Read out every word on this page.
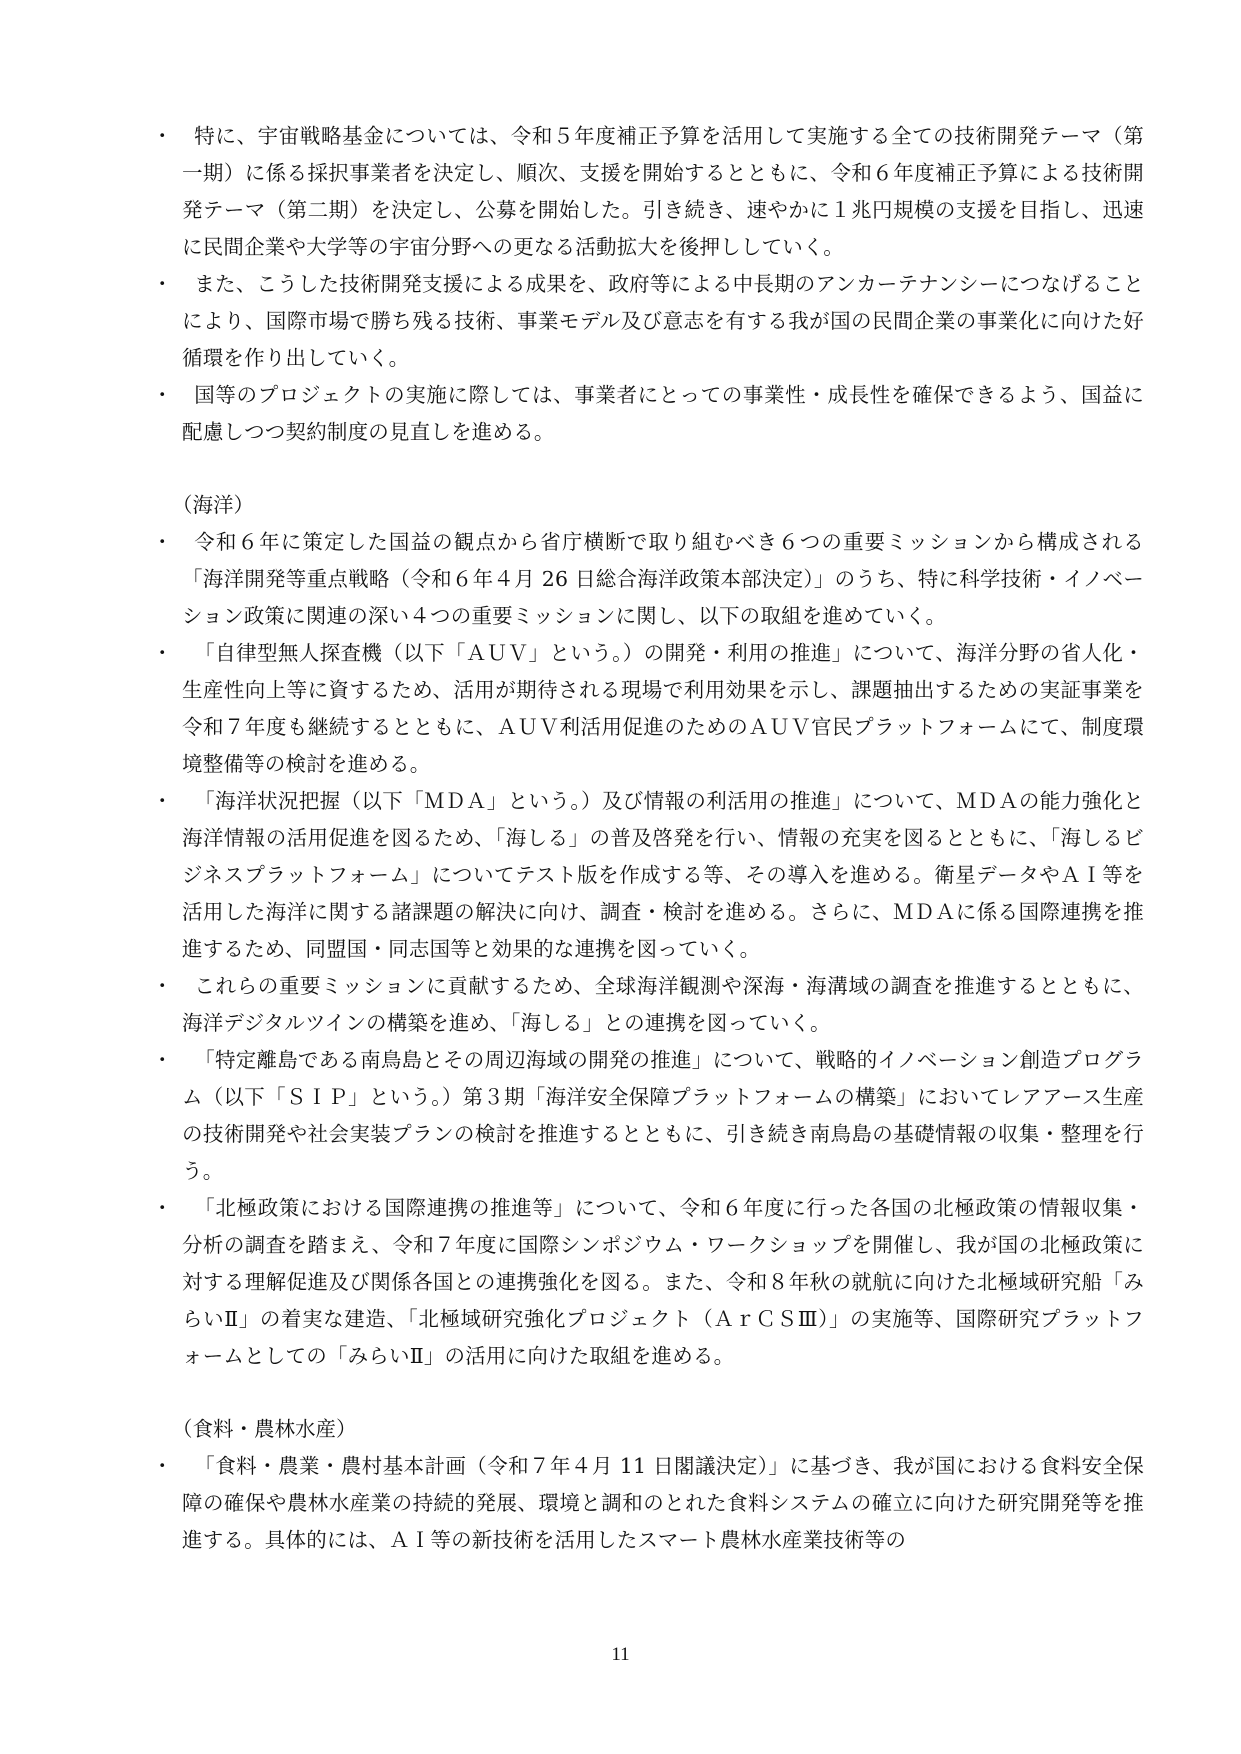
・	特に、宇宙戦略基金については、令和５年度補正予算を活用して実施する全ての技術開発テーマ（第一期）に係る採択事業者を決定し、順次、支援を開始するとともに、令和６年度補正予算による技術開発テーマ（第二期）を決定し、公募を開始した。引き続き、速やかに１兆円規模の支援を目指し、迅速に民間企業や大学等の宇宙分野への更なる活動拡大を後押ししていく。

・	また、こうした技術開発支援による成果を、政府等による中長期のアンカーテナンシーにつなげることにより、国際市場で勝ち残る技術、事業モデル及び意志を有する我が国の民間企業の事業化に向けた好循環を作り出していく。

・	国等のプロジェクトの実施に際しては、事業者にとっての事業性・成長性を確保できるよう、国益に配慮しつつ契約制度の見直しを進める。

（海洋）

・	令和６年に策定した国益の観点から省庁横断で取り組むべき６つの重要ミッションから構成される「海洋開発等重点戦略（令和６年４月 26 日総合海洋政策本部決定）」のうち、特に科学技術・イノベーション政策に関連の深い４つの重要ミッションに関し、以下の取組を進めていく。

・	「自律型無人探査機（以下「ＡＵＶ」という。）の開発・利用の推進」について、海洋分野の省人化・生産性向上等に資するため、活用が期待される現場で利用効果を示し、課題抽出するための実証事業を令和７年度も継続するとともに、ＡＵＶ利活用促進のためのＡＵＶ官民プラットフォームにて、制度環境整備等の検討を進める。

・	「海洋状況把握（以下「ＭＤＡ」という。）及び情報の利活用の推進」について、ＭＤＡの能力強化と海洋情報の活用促進を図るため、「海しる」の普及啓発を行い、情報の充実を図るとともに、「海しるビジネスプラットフォーム」についてテスト版を作成する等、その導入を進める。衛星データやＡＩ等を活用した海洋に関する諸課題の解決に向け、調査・検討を進める。さらに、ＭＤＡに係る国際連携を推進するため、同盟国・同志国等と効果的な連携を図っていく。

・	これらの重要ミッションに貢献するため、全球海洋観測や深海・海溝域の調査を推進するとともに、海洋デジタルツインの構築を進め、「海しる」との連携を図っていく。

・	「特定離島である南鳥島とその周辺海域の開発の推進」について、戦略的イノベーション創造プログラム（以下「ＳＩＰ」という。）第３期「海洋安全保障プラットフォームの構築」においてレアアース生産の技術開発や社会実装プランの検討を推進するとともに、引き続き南鳥島の基礎情報の収集・整理を行う。

・	「北極政策における国際連携の推進等」について、令和６年度に行った各国の北極政策の情報収集・分析の調査を踏まえ、令和７年度に国際シンポジウム・ワークショップを開催し、我が国の北極政策に対する理解促進及び関係各国との連携強化を図る。また、令和８年秋の就航に向けた北極域研究船「みらいⅡ」の着実な建造、「北極域研究強化プロジェクト（ＡｒＣＳⅢ）」の実施等、国際研究プラットフォームとしての「みらいⅡ」の活用に向けた取組を進める。

（食料・農林水産）

・	「食料・農業・農村基本計画（令和７年４月 11 日閣議決定）」に基づき、我が国における食料安全保障の確保や農林水産業の持続的発展、環境と調和のとれた食料システムの確立に向けた研究開発等を推進する。具体的には、ＡＩ等の新技術を活用したスマート農林水産業技術等の

11
